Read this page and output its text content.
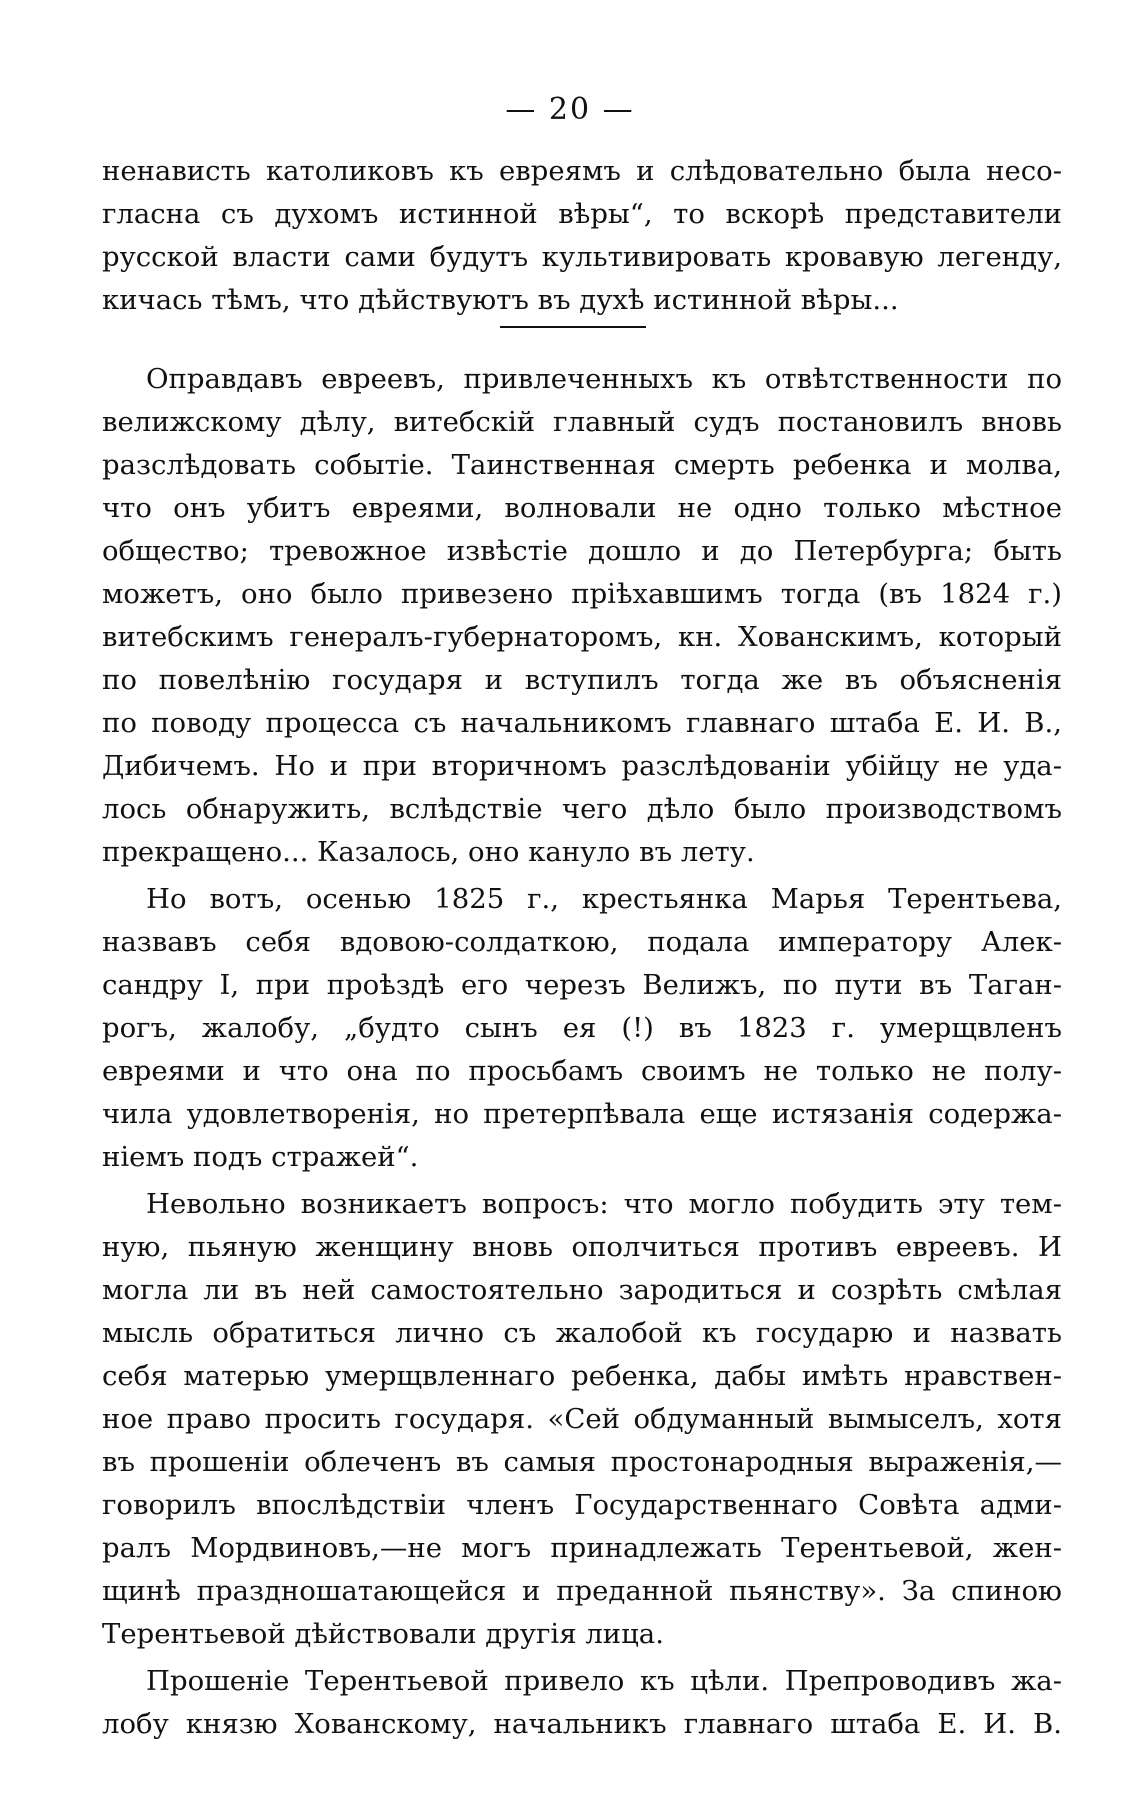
— 20 —
ненависть католиковъ къ евреямъ и слѣдовательно была несо-
гласна съ духомъ истинной вѣры“, то вскорѣ представители
русской власти сами будутъ культивировать кровавую легенду,
кичась тѣмъ, что дѣйствуютъ въ духѣ истинной вѣры...
Оправдавъ евреевъ, привлеченныхъ къ отвѣтственности по
велижскому дѣлу, витебскій главный судъ постановилъ вновь
разслѣдовать событіе. Таинственная смерть ребенка и молва,
что онъ убитъ евреями, волновали не одно только мѣстное
общество; тревожное извѣстіе дошло и до Петербурга; быть
можетъ, оно было привезено пріѣхавшимъ тогда (въ 1824 г.)
витебскимъ генералъ-губернаторомъ, кн. Хованскимъ, который
по повелѣнію государя и вступилъ тогда же въ объясненія
по поводу процесса съ начальникомъ главнаго штаба Е. И. В.,
Дибичемъ. Но и при вторичномъ разслѣдованіи убійцу не уда-
лось обнаружить, вслѣдствіе чего дѣло было производствомъ
прекращено... Казалось, оно кануло въ лету.
Но вотъ, осенью 1825 г., крестьянка Марья Терентьева,
назвавъ себя вдовою-солдаткою, подала императору Алек-
сандру I, при проѣздѣ его черезъ Велижъ, по пути въ Таган-
рогъ, жалобу, „будто сынъ ея (!) въ 1823 г. умерщвленъ
евреями и что она по просьбамъ своимъ не только не полу-
чила удовлетворенія, но претерпѣвала еще истязанія содержа-
ніемъ подъ стражей“.
Невольно возникаетъ вопросъ: что могло побудить эту тем-
ную, пьяную женщину вновь ополчиться противъ евреевъ. И
могла ли въ ней самостоятельно зародиться и созрѣть смѣлая
мысль обратиться лично съ жалобой къ государю и назвать
себя матерью умерщвленнаго ребенка, дабы имѣть нравствен-
ное право просить государя. «Сей обдуманный вымыселъ, хотя
въ прошеніи облеченъ въ самыя простонародныя выраженія,—
говорилъ впослѣдствіи членъ Государственнаго Совѣта адми-
ралъ Мордвиновъ,—не могъ принадлежать Терентьевой, жен-
щинѣ праздношатающейся и преданной пьянству». За спиною
Терентьевой дѣйствовали другія лица.
Прошеніе Терентьевой привело къ цѣли. Препроводивъ жа-
лобу князю Хованскому, начальникъ главнаго штаба Е. И. В.
